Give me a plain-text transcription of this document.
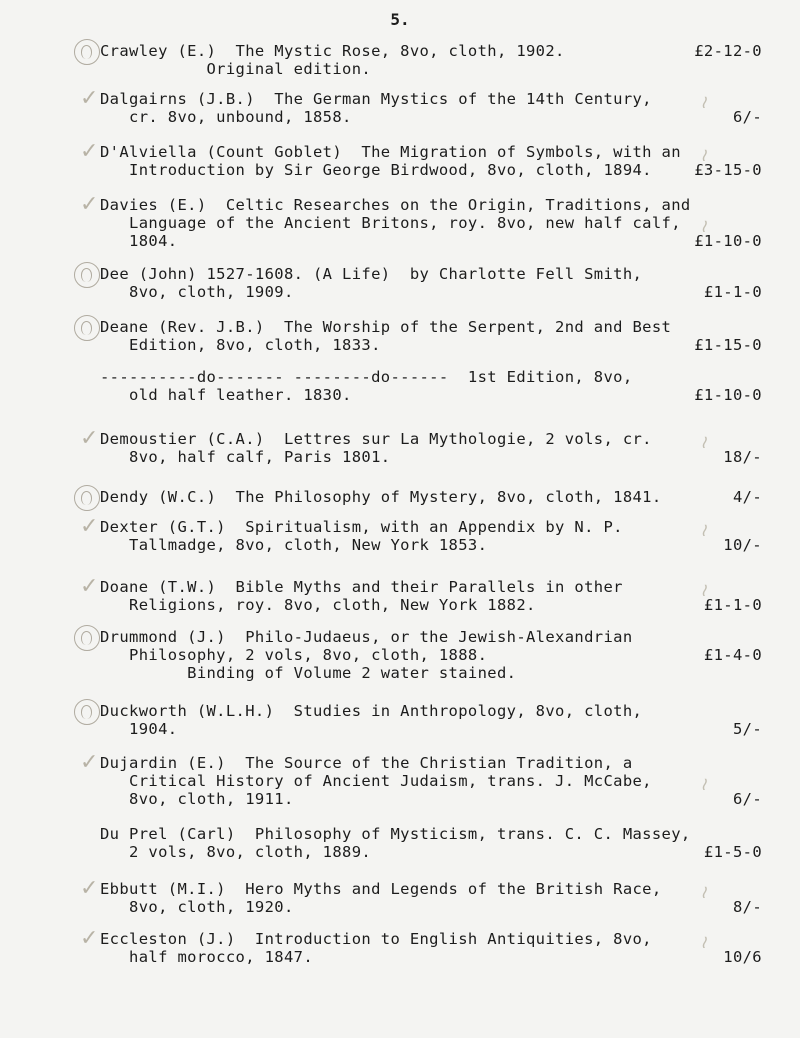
5.
Crawley (E.)  The Mystic Rose, 8vo, cloth, 1902.
Original edition.
£2-12-0
Dalgairns (J.B.)  The German Mystics of the 14th Century,
cr. 8vo, unbound, 1858.	6/-
✓	≀
D'Alviella (Count Goblet)  The Migration of Symbols, with an
Introduction by Sir George Birdwood, 8vo, cloth, 1894.	£3-15-0
✓	≀
Davies (E.)  Celtic Researches on the Origin, Traditions, and
Language of the Ancient Britons, roy. 8vo, new half calf,
1804.	£1-10-0
✓
≀
Dee (John) 1527-1608. (A Life)  by Charlotte Fell Smith,
8vo, cloth, 1909.	£1-1-0
Deane (Rev. J.B.)  The Worship of the Serpent, 2nd and Best
Edition, 8vo, cloth, 1833.	£1-15-0
----------do------- --------do------  1st Edition, 8vo,
old half leather. 1830.	£1-10-0
Demoustier (C.A.)  Lettres sur La Mythologie, 2 vols, cr.
8vo, half calf, Paris 1801.	18/-
✓	≀
Dendy (W.C.)  The Philosophy of Mystery, 8vo, cloth, 1841.	4/-
Dexter (G.T.)  Spiritualism, with an Appendix by N. P.
Tallmadge, 8vo, cloth, New York 1853.	10/-
✓	≀
Doane (T.W.)  Bible Myths and their Parallels in other
Religions, roy. 8vo, cloth, New York 1882.	£1-1-0
✓	≀
Drummond (J.)  Philo-Judaeus, or the Jewish-Alexandrian
Philosophy, 2 vols, 8vo, cloth, 1888.
Binding of Volume 2 water stained.
£1-4-0
Duckworth (W.L.H.)  Studies in Anthropology, 8vo, cloth,
1904.	5/-
Dujardin (E.)  The Source of the Christian Tradition, a
Critical History of Ancient Judaism, trans. J. McCabe,
8vo, cloth, 1911.	6/-
✓
≀
Du Prel (Carl)  Philosophy of Mysticism, trans. C. C. Massey,
2 vols, 8vo, cloth, 1889.	£1-5-0
Ebbutt (M.I.)  Hero Myths and Legends of the British Race,
8vo, cloth, 1920.	8/-
✓	≀
Eccleston (J.)  Introduction to English Antiquities, 8vo,
half morocco, 1847.	10/6
✓	≀
